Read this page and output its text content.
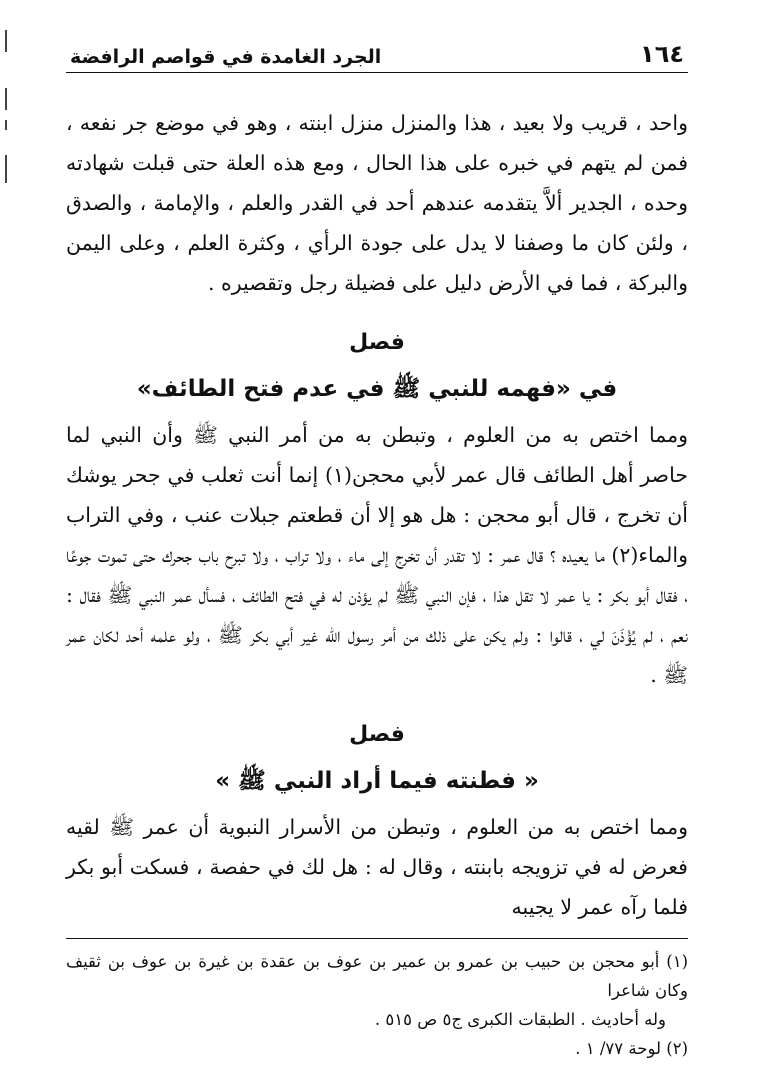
١٦٤
الجرد الغامدة في قواصم الرافضة

واحد ، قريب ولا بعيد ، هذا والمنزل منزل ابنته ، وهو في موضع جر نفعه ، فمن لم يتهم في خبره على هذا الحال ، ومع هذه العلة حتى قبلت شهادته وحده ، الجدير ألاَّ يتقدمه عندهم أحد في القدر والعلم ، والإمامة ، والصدق ، ولئن كان ما وصفنا لا يدل على جودة الرأي ، وكثرة العلم ، وعلى اليمن والبركة ، فما في الأرض دليل على فضيلة رجل وتقصيره .

فصل
في «فهمه للنبي ﷺ في عدم فتح الطائف»

ومما اختص به من العلوم ، وتبطن به من أمر النبي ﷺ وأن النبي لما حاصر أهل الطائف قال عمر لأبي محجن(١) إنما أنت ثعلب في جحر يوشك أن تخرج ، قال أبو محجن : هل هو إلا أن قطعتم جبلات عنب ، وفي التراب والماء(٢) ما يعيده ؟ قال عمر : لا تقدر أن تخرج إلى ماء ، ولا تراب ، ولا تبرح باب جحرك حتى تموت جوعًا ، فقال أبو بكر : يا عمر لا تقل هذا ، فإن النبي ﷺ لم يؤذن له في فتح الطائف ، فسأل عمر النبي ﷺ فقال : نعم ، لم يُؤْذَنَ لي ، قالوا : ولم يكن على ذلك من أمر رسول اللّه غير أبي بكر ﷺ ، ولو علمه أحد لكان عمر ﷺ .

فصل
« فطنته فيما أراد النبي ﷺ »

ومما اختص به من العلوم ، وتبطن من الأسرار النبوية أن عمر ﷺ لقيه فعرض له في تزويجه بابنته ، وقال له : هل لك في حفصة ، فسكت أبو بكر فلما رآه عمر لا يجيبه

(١) أبو محجن بن حبيب بن عمرو بن عمير بن عوف بن عقدة بن غيرة بن عوف بن ثقيف وكان شاعرا

وله أحاديث . الطبقات الكبرى ج٥ ص ٥١٥ .

(٢) لوحة ٧٧/ ١ .
